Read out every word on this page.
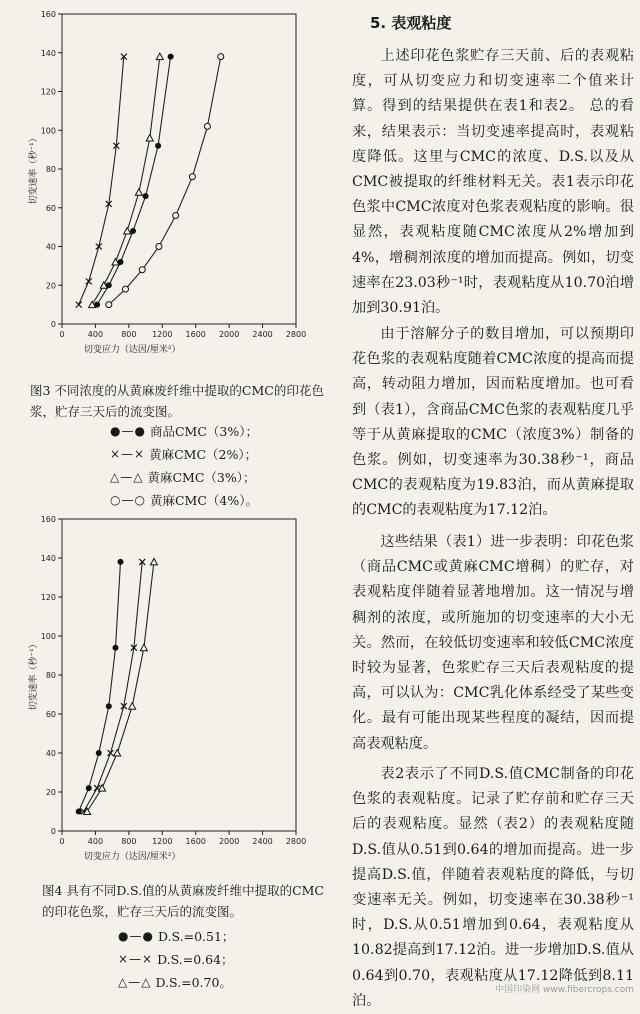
0	400 800 1200 1600 2000 2400 2800
0
20
40
60
80
100
120
140
160
切变应力（达因/厘米²）
切变速率（秒⁻¹）
图3 不同浓度的从黄麻废纤维中提取的CMC的印花色浆，贮存三天后的流变图。
●—● 商品CMC（3%）；
×—× 黄麻CMC（2%）；
△—△ 黄麻CMC（3%）；
○—○ 黄麻CMC（4%）。
0	400 800 1200 1600 2000 2400 2800
0
20
40
60
80
100
120
140
160
切变应力（达因/厘米²）
切变速率（秒⁻¹）
图4 具有不同D.S.值的从黄麻废纤维中提取的CMC的印花色浆，贮存三天后的流变图。
●—● D.S.=0.51；
×—× D.S.=0.64；
△—△ D.S.=0.70。
5. 表观粘度

上述印花色浆贮存三天前、后的表观粘度，可从切变应力和切变速率二个值来计算。得到的结果提供在表1和表2。 总的看来，结果表示：当切变速率提高时，表观粘度降低。这里与CMC的浓度、D.S.以及从CMC被提取的纤维材料无关。表1表示印花色浆中CMC浓度对色浆表观粘度的影响。很显然，表观粘度随CMC浓度从2%增加到4%，增稠剂浓度的增加而提高。例如，切变速率在23.03秒⁻¹时，表观粘度从10.70泊增加到30.91泊。

由于溶解分子的数目增加，可以预期印花色浆的表观粘度随着CMC浓度的提高而提高，转动阻力增加，因而粘度增加。也可看到（表1），含商品CMC色浆的表观粘度几乎等于从黄麻提取的CMC（浓度3%）制备的色浆。例如，切变速率为30.38秒⁻¹，商品CMC的表观粘度为19.83泊，而从黄麻提取的CMC的表观粘度为17.12泊。

这些结果（表1）进一步表明：印花色浆（商品CMC或黄麻CMC增稠）的贮存，对表观粘度伴随着显著地增加。这一情况与增稠剂的浓度，或所施加的切变速率的大小无关。然而，在较低切变速率和较低CMC浓度时较为显著，色浆贮存三天后表观粘度的提高，可以认为：CMC乳化体系经受了某些变化。最有可能出现某些程度的凝结，因而提高表观粘度。

表2表示了不同D.S.值CMC制备的印花色浆的表观粘度。记录了贮存前和贮存三天后的表观粘度。显然（表2）的表观粘度随D.S.值从0.51到0.64的增加而提高。进一步提高D.S.值，伴随着表观粘度的降低，与切变速率无关。例如，切变速率在30.38秒⁻¹时，D.S.从0.51增加到0.64，表观粘度从10.82提高到17.12泊。进一步增加D.S.值从0.64到0.70，表观粘度从17.12降低到8.11泊。

中国印染网 www.fibercrops.com
